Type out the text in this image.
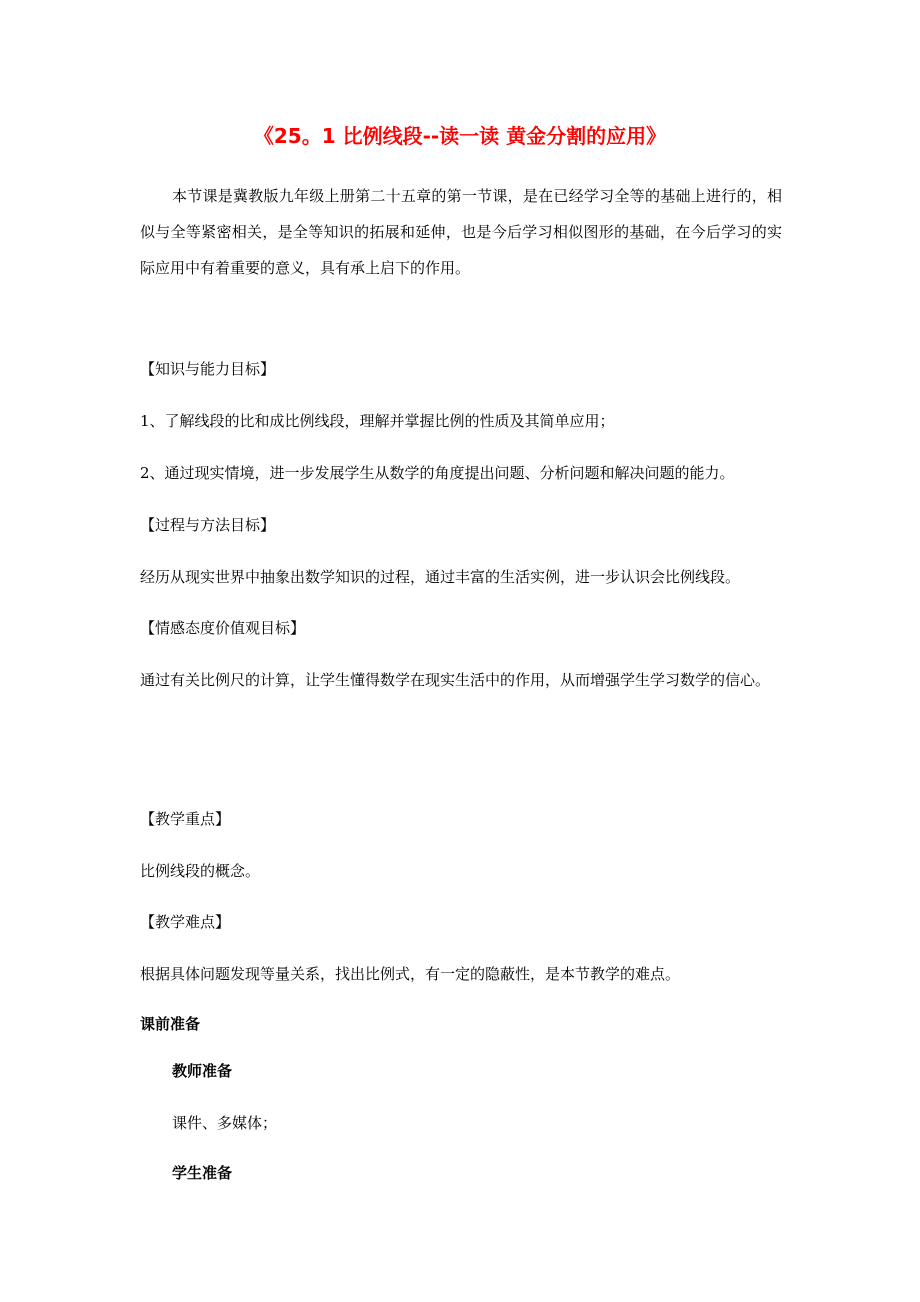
《25。1 比例线段--读一读 黄金分割的应用》
本节课是冀教版九年级上册第二十五章的第一节课，是在已经学习全等的基础上进行的，相似与全等紧密相关，是全等知识的拓展和延伸，也是今后学习相似图形的基础，在今后学习的实际应用中有着重要的意义，具有承上启下的作用。
【知识与能力目标】
1、了解线段的比和成比例线段，理解并掌握比例的性质及其简单应用；
2、通过现实情境，进一步发展学生从数学的角度提出问题、分析问题和解决问题的能力。
【过程与方法目标】
经历从现实世界中抽象出数学知识的过程，通过丰富的生活实例，进一步认识会比例线段。
【情感态度价值观目标】
通过有关比例尺的计算，让学生懂得数学在现实生活中的作用，从而增强学生学习数学的信心。
【教学重点】
比例线段的概念。
【教学难点】
根据具体问题发现等量关系，找出比例式，有一定的隐蔽性，是本节教学的难点。
课前准备
教师准备
课件、多媒体；
学生准备
